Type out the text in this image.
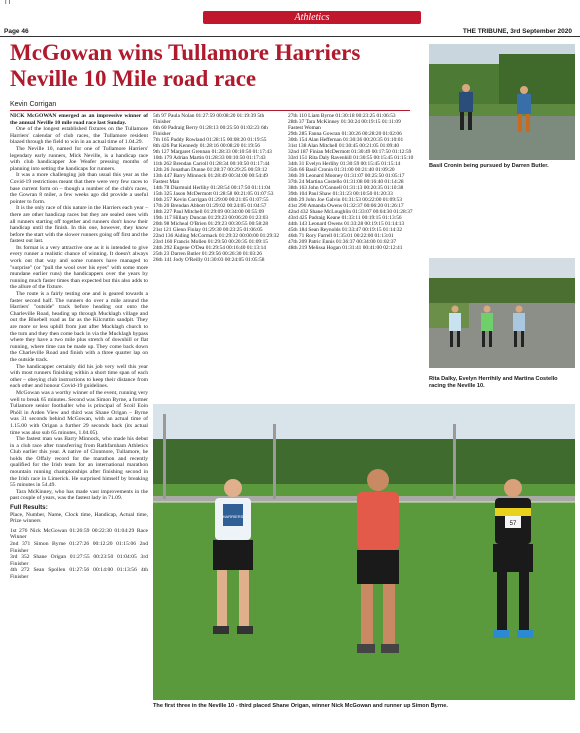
TT
Athletics
Page 46	THE TRIBUNE, 3rd September 2020
McGowan wins Tullamore Harriers Neville 10 Mile road race
Kevin Corrigan

NICK McGOWAN emerged as an impressive winner of the annual Neville 10 mile road race last Sunday.

One of the longest established fixtures on the Tullamore Harriers' calendar of club races, the Tullamore resident blazed through the field to win in an actual time of 1.04.29.

The Neville 10, named for one of Tullamore Harriers' legendary early runners, Mick Neville, is a handicap race with club handicapper Joe Weafer pressing months of planning into setting the handicaps for runners.

It was a more challenging job than usual this year as the Covid-19 restrictions meant that there were very few races to base current form on – though a number of the club's races, the Gowran 8 miler, a few weeks ago did provide a useful pointer to form.

It is the only race of this nature in the Harriers each year – there are other handicap races but they are sealed ones with all runners starting off together and runners don't know their handicap until the finish. In this one, however, they know before the start with the slower runners going off first and the fastest out last.

Its format is a very attractive one as it is intended to give every runner a realistic chance of winning. It doesn't always work out that way and some runners have managed to "surprise" (or "pull the wool over his eyes" with some more mundane earlier runs) the handicappers over the years by running much faster times than expected but this also adds to the allure of the fixture.

The route is a fairly testing one and is geared towards a faster second half. The runners do over a mile around the Harriers' "outside" track before heading out onto the Charleville Road, heading up through Mucklagh village and out the Bluebell road as far as the Kilcruttin sandpit. They are more or less uphill from just after Mucklagh church to the turn and they then come back in via the Mucklagh bypass where they have a two mile plus stretch of downhill or flat running, where time can be made up. They come back down the Charleville Road and finish with a three quarter lap on the outside track.

The handicapper certainly did his job very well this year with most runners finishing within a short time span of each other – obeying club instructions to keep their distance from each other and honour Covid-19 guidelines.

McGowan was a worthy winner of the event, running very well to break 65 minutes. Second was Simon Byrne, a former Tullamore senior footballer who is principal of Scoil Eoin Phóil in Arden View and third was Shane Origan – Byrne was 31 seconds behind McGowan, with an actual time of 1.15.00 with Origan a further 29 seconds back (its actual time was also sub 65 minutes, 1.04.05).

The fastest man was Barry Minnock, who made his debut in a club race after transferring from Rathfarnham Athletics Club earlier this year. A native of Clonmore, Tullamore, he holds the Offaly record for the marathon and recently qualified for the Irish team for an international marathon mountain running championships after finishing second in the Irish race in Limerick. He surprised himself by breaking 55 minutes in 54.49.

Tara McKinney, who has made vast improvements in the past couple of years, was the fastest lady in 71.09.

Full Results:

Place, Number, Name, Clock time, Handicap, Actual time, Prize winners

1st 276 Nick McGowan 01:26:59 00:22:30 01:04:29 Race Winner
2nd 371 Simon Byrne 01:27:26 00:12:20 01:15:06 2nd Finisher
3rd 352 Shane Origan 01:27:55 00:23:50 01:04:05 3rd Finisher
4th 272 Sean Spollen 01:27:56 00:14:00 01:13:56 4th Finisher
5th 97 Paula Nolan 01:27:59 00:08:20 01:19:39 5th Finisher
6th 60 Padraig Berry 01:28:13 00:25:50 01:02:23 6th Finisher
7th 165 Paddy Rowland 01:28:15 00:08:20 01:19:55
8th 426 Pat Kennedy 01:28:16 00:08:20 01:19:56
9th 127 Margaret Grennan 01:28:33 00:10:50 01:17:43
10th 179 Adrian Martin 01:28:33 00:10:50 01:17:43
11th 262 Brendan Carroll 01:28:34 00:10:50 01:17:44
12th 26 Jonathan Dunne 01:28:37 00:29:25 00:59:12
13th 447 Barry Minnock 01:28:49 00:34:00 00:54:49 Fastest Man
14th 78 Diarmuid Herlihy 01:28:54 00:17:50 01:11:04
15th 325 Jason McDermott 01:28:58 00:21:05 01:07:53
16th 257 Kevin Corrigan 01:29:00 00:21:05 01:07:55
17th 20 Brendan Abbott 01:29:02 00:24:05 01:04:57
18th 227 Paul Mitchell 01:29:09 00:34:00 00:55:09
19th 117 Hillary Duncan 01:29:23 00:06:20 01:23:03
20th 98 Micheal O'Brien 01:29:23 00:30:55 00:58:28
21st 121 Glenn Finlay 01:29:30 00:23:25 01:06:05
22nd 136 Aiding McCormack 01:29:32 00:00:00 01:29:32
23rd 160 Francis Mollen 01:29:50 00:20:35 01:09:15
24th 292 Eugene O'Dea 01:29:54 00:16:40 01:13:14
25th 23 Darren Butler 01:29:56 00:26:30 01:03:26
26th 141 Jody O'Reilly 01:30:03 00:24:05 01:05:58
27th 110 Liam Byrne 01:30:18 00:23:25 01:06:53
28th 37 Tara McKinney 01:30:24 00:19:15 01:11:09 Fastest Woman
29th 285 Fanna Gowran 01:30:26 00:28:20 01:02:06
30th 154 Alan Heffernan 01:30:36 00:20:35 01:10:01
31st 138 Alan Mitchell 01:30:45 00:21:05 01:09:40
32nd 187 Finian McDermott 01:30:49 00:17:50 01:12:59
33rd 151 Rita Daly Ravenhill 01:30:55 00:15:45 01:15:10
34th 31 Evelyn Herlihy 01:30:59 00:15:45 01:15:14
35th 66 Basil Cronin 01:31:00 00:21:40 01:09:20
36th 39 Leonard Mooney 01:31:07 00:25:50 01:05:17
37th 24 Martina Costello 01:31:08 00:16:40 01:14:28
38th 163 John O'Connell 01:31:13 00:20:35 01:10:38
39th 104 Paul Shaw 01:31:23 00:10:50 01:20:33
40th 29 John Joe Galvin 01:31:53 00:22:00 01:09:53
41st 290 Amanda Owens 01:32:37 00:06:20 01:26:17
42nd 432 Shane McLoughlin 01:33:07 00:04:30 01:28:37
43rd 425 Padraig Keane 01:33:11 00:19:15 01:13:56
44th 143 Leonard Owens 01:33:28 00:19:15 01:14:13
45th 184 Sean Reynolds 01:33:47 00:19:15 01:14:32
46th 71 Rory Farrell 01:35:01 00:22:00 01:13:01
47th 209 Patric Ennis 01:36:37 00:34:00 01:02:37
48th 219 Melissa Hogan 01:31:41 00:41:00 02:12:41
Basil Cronin being pursued by Darren Butler.
Rita Dalky, Evelyn Herrihily and Martina Costello racing the Neville 10.
HARRIERS
57
The first three in the Neville 10 - third placed Shane Origan, winner Nick McGowan and runner up Simon Byrne.
